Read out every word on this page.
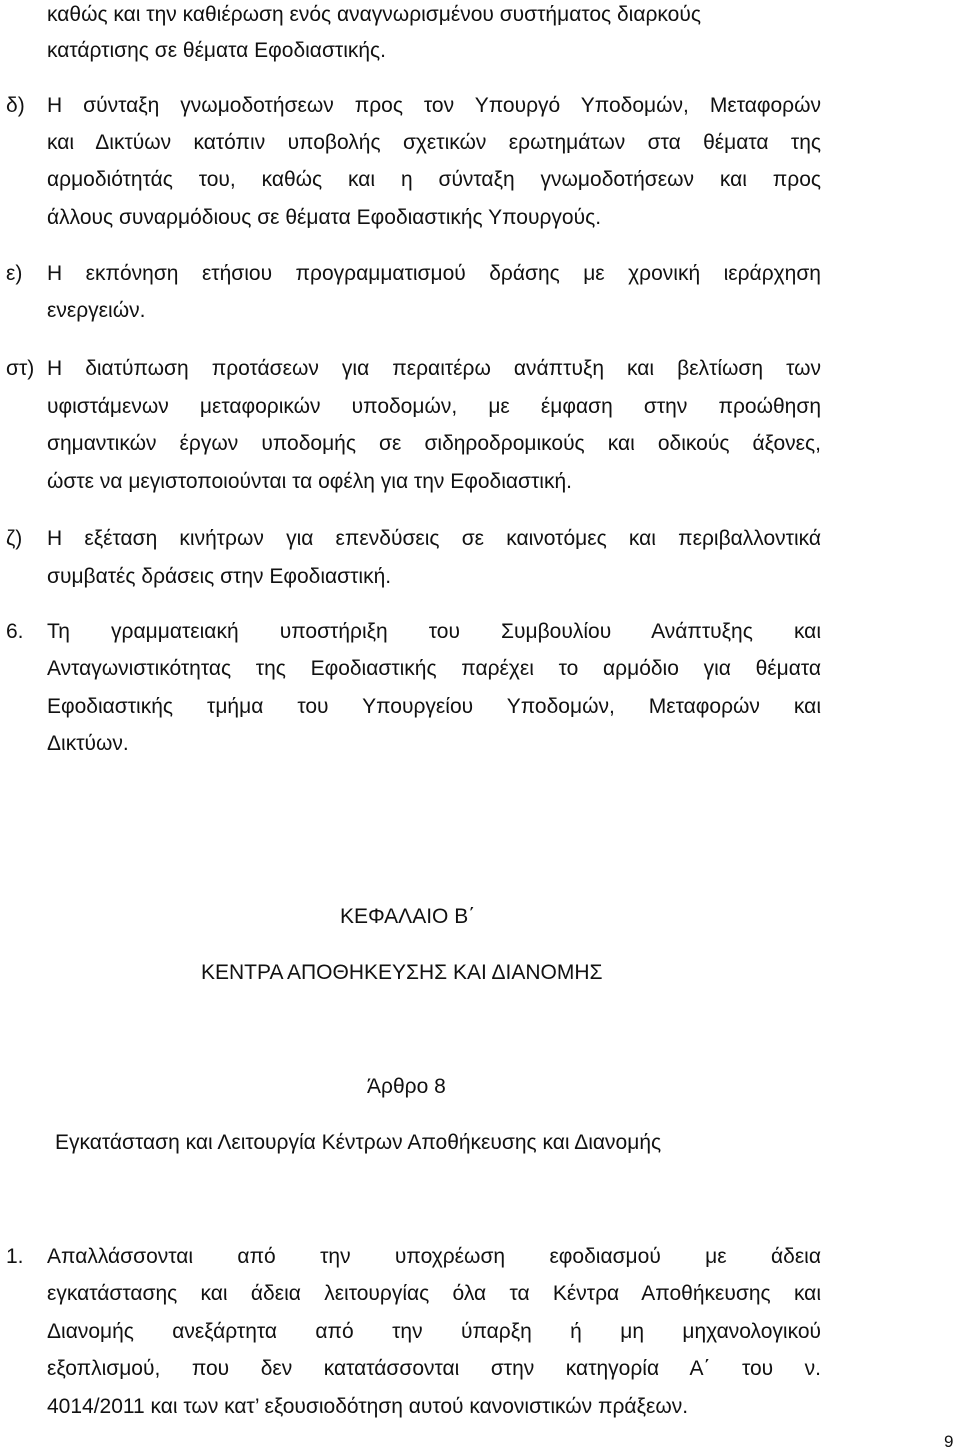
καθώς και την καθιέρωση ενός αναγνωρισμένου συστήματος διαρκούς
κατάρτισης σε θέματα Εφοδιαστικής.
δ) Η σύνταξη γνωμοδοτήσεων προς τον Υπουργό Υποδομών, Μεταφορών
και Δικτύων κατόπιν υποβολής σχετικών ερωτημάτων στα θέματα της
αρμοδιότητάς του, καθώς και η σύνταξη γνωμοδοτήσεων και προς
άλλους συναρμόδιους σε θέματα Εφοδιαστικής Υπουργούς.
ε) Η εκπόνηση ετήσιου προγραμματισμού δράσης με χρονική ιεράρχηση
ενεργειών.
στ) Η διατύπωση προτάσεων για περαιτέρω ανάπτυξη και βελτίωση των
υφιστάμενων μεταφορικών υποδομών, με έμφαση στην προώθηση
σημαντικών έργων υποδομής σε σιδηροδρομικούς και οδικούς άξονες,
ώστε να μεγιστοποιούνται τα οφέλη για την Εφοδιαστική.
ζ) Η εξέταση κινήτρων για επενδύσεις σε καινοτόμες και περιβαλλοντικά
συμβατές δράσεις στην Εφοδιαστική.
6. Τη γραμματειακή υποστήριξη του Συμβουλίου Ανάπτυξης και
Ανταγωνιστικότητας της Εφοδιαστικής παρέχει το αρμόδιο για θέματα
Εφοδιαστικής τμήμα του Υπουργείου Υποδομών, Μεταφορών και
Δικτύων.
ΚΕΦΑΛΑΙΟ Β΄
ΚΕΝΤΡΑ ΑΠΟΘΗΚΕΥΣΗΣ ΚΑΙ ΔΙΑΝΟΜΗΣ
Άρθρο 8
Εγκατάσταση και Λειτουργία Κέντρων Αποθήκευσης και Διανομής
1. Απαλλάσσονται από την υποχρέωση εφοδιασμού με άδεια
εγκατάστασης και άδεια λειτουργίας όλα τα Κέντρα Αποθήκευσης και
Διανομής ανεξάρτητα από την ύπαρξη ή μη μηχανολογικού
εξοπλισμού, που δεν κατατάσσονται στην κατηγορία Α΄ του ν.
4014/2011 και των κατ’ εξουσιοδότηση αυτού κανονιστικών πράξεων.
9
